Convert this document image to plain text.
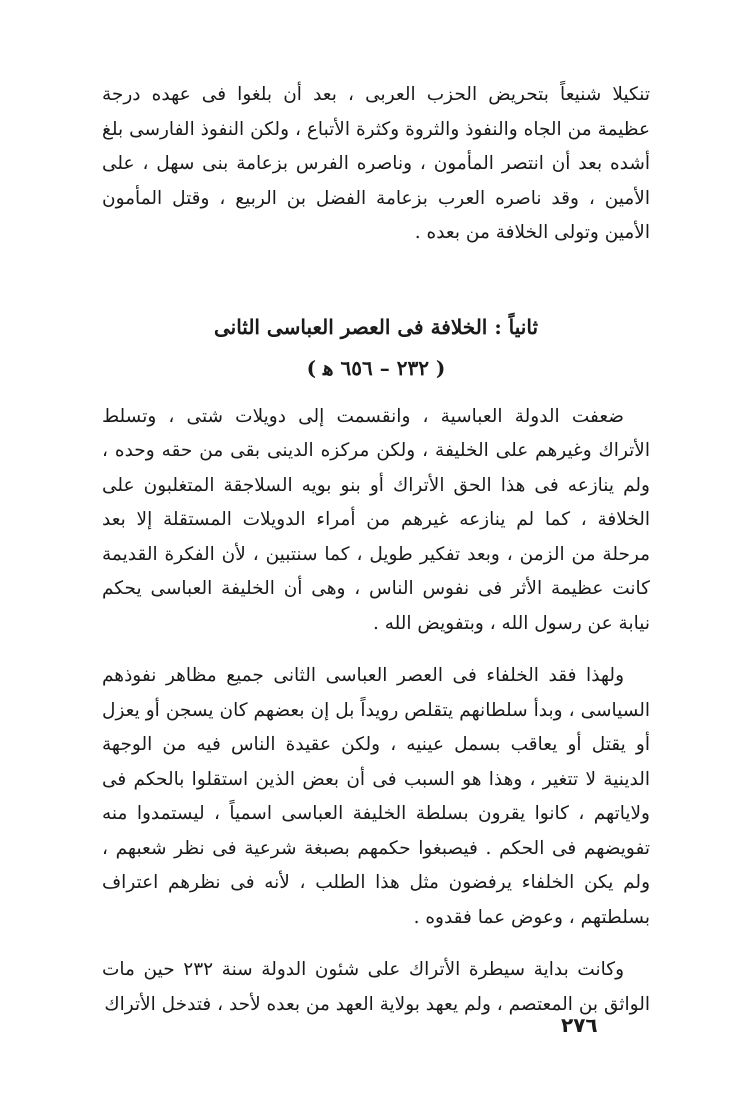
تنكيلا شنيعاً بتحريض الحزب العربى ، بعد أن بلغوا فى عهده درجة عظيمة من الجاه والنفوذ والثروة وكثرة الأتباع ، ولكن النفوذ الفارسى بلغ أشده بعد أن انتصر المأمون ، وناصره الفرس بزعامة بنى سهل ، على الأمين ، وقد ناصره العرب بزعامة الفضل بن الربيع ، وقتل المأمون الأمين وتولى الخلافة من بعده .

ثانياً : الخلافة فى العصر العباسى الثانى

( ٢٣٢ – ٦٥٦ ﻫ )

ضعفت الدولة العباسية ، وانقسمت إلى دويلات شتى ، وتسلط الأتراك وغيرهم على الخليفة ، ولكن مركزه الدينى بقى من حقه وحده ، ولم ينازعه فى هذا الحق الأتراك أو بنو بويه السلاجقة المتغلبون على الخلافة ، كما لم ينازعه غيرهم من أمراء الدويلات المستقلة إلا بعد مرحلة من الزمن ، وبعد تفكير طويل ، كما سنتبين ، لأن الفكرة القديمة كانت عظيمة الأثر فى نفوس الناس ، وهى أن الخليفة العباسى يحكم نيابة عن رسول الله ، وبتفويض الله .

ولهذا فقد الخلفاء فى العصر العباسى الثانى جميع مظاهر نفوذهم السياسى ، وبدأ سلطانهم يتقلص رويداً بل إن بعضهم كان يسجن أو يعزل أو يقتل أو يعاقب بسمل عينيه ، ولكن عقيدة الناس فيه من الوجهة الدينية لا تتغير ، وهذا هو السبب فى أن بعض الذين استقلوا بالحكم فى ولاياتهم ، كانوا يقرون بسلطة الخليفة العباسى اسمياً ، ليستمدوا منه تفويضهم فى الحكم . فيصبغوا حكمهم بصبغة شرعية فى نظر شعبهم ، ولم يكن الخلفاء يرفضون مثل هذا الطلب ، لأنه فى نظرهم اعتراف بسلطتهم ، وعوض عما فقدوه .

وكانت بداية سيطرة الأتراك على شئون الدولة سنة ٢٣٢ حين مات الواثق بن المعتصم ، ولم يعهد بولاية العهد من بعده لأحد ، فتدخل الأتراك

٢٧٦
